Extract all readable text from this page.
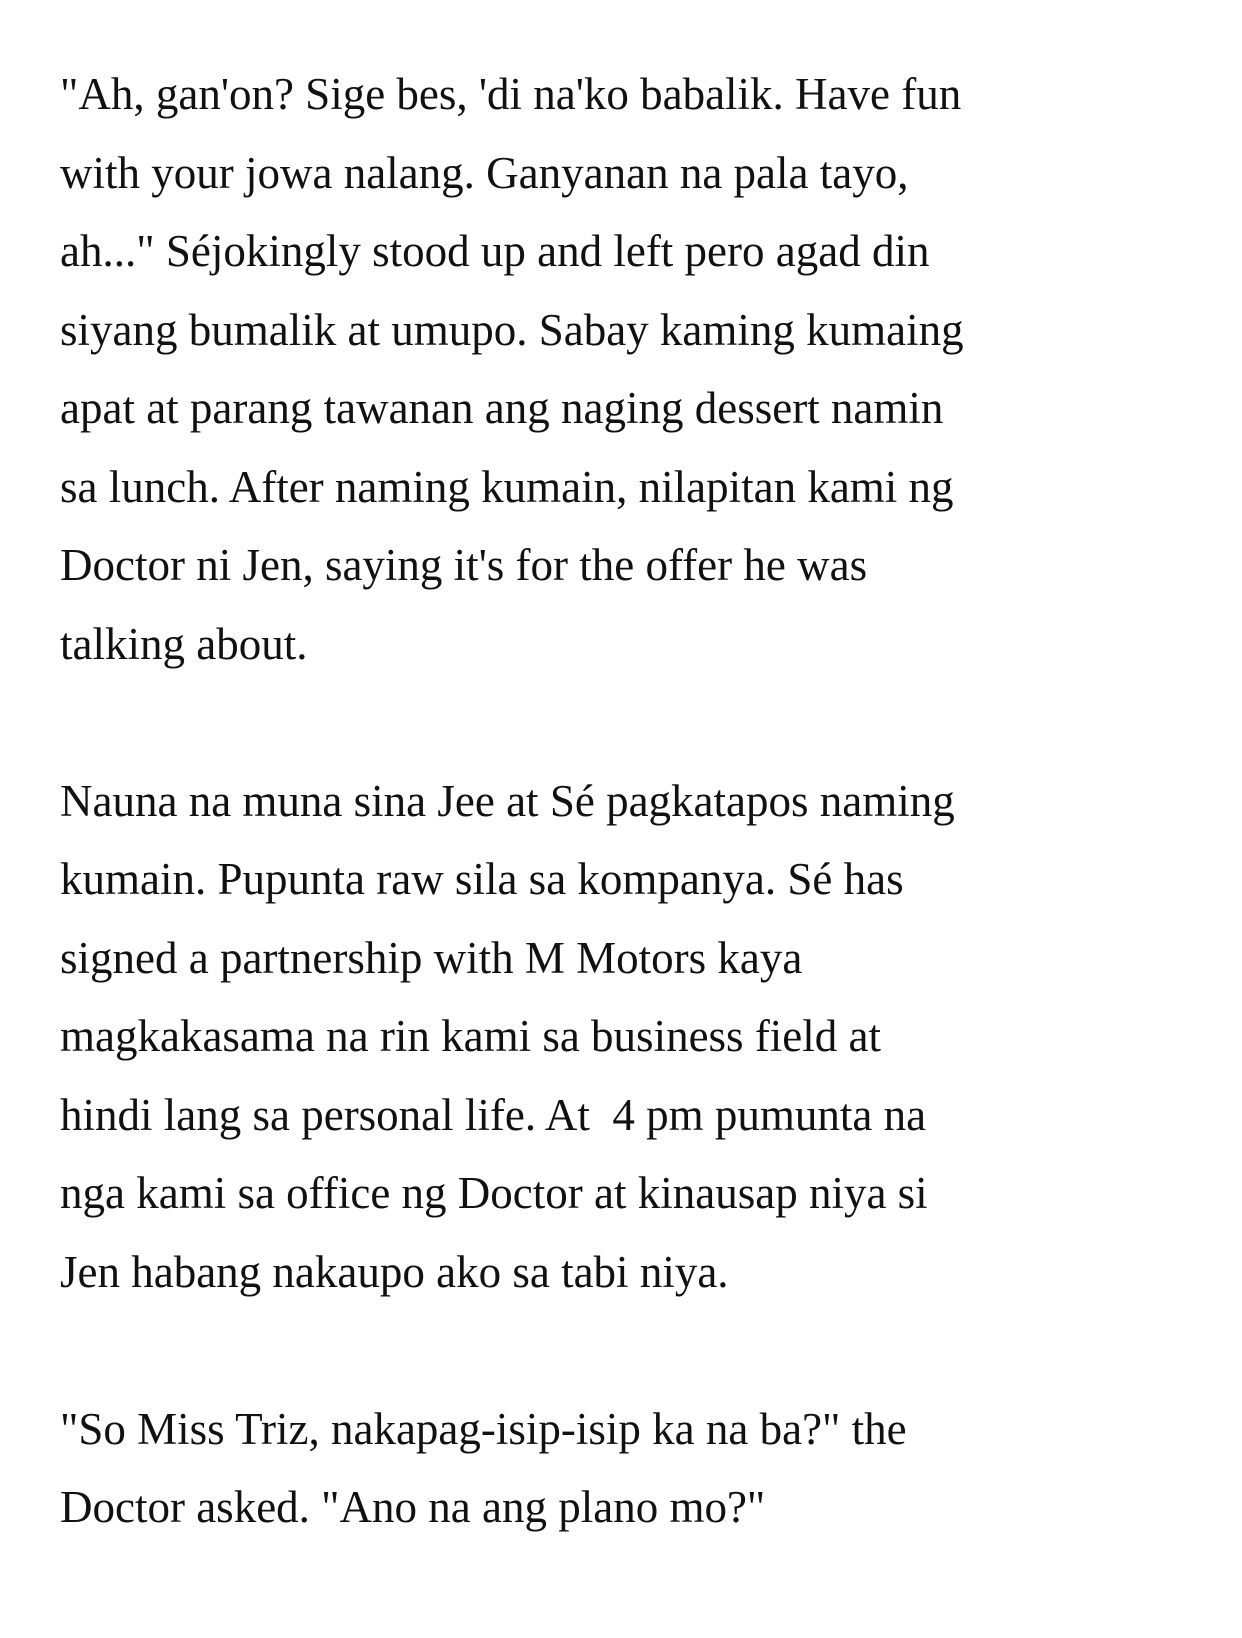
"Ah, gan'on? Sige bes, 'di na'ko babalik. Have fun
with your jowa nalang. Ganyanan na pala tayo,
ah..." Séjokingly stood up and left pero agad din
siyang bumalik at umupo. Sabay kaming kumaing
apat at parang tawanan ang naging dessert namin
sa lunch. After naming kumain, nilapitan kami ng
Doctor ni Jen, saying it's for the offer he was
talking about.

Nauna na muna sina Jee at Sé pagkatapos naming
kumain. Pupunta raw sila sa kompanya. Sé has
signed a partnership with M Motors kaya
magkakasama na rin kami sa business field at
hindi lang sa personal life. At  4 pm pumunta na
nga kami sa office ng Doctor at kinausap niya si
Jen habang nakaupo ako sa tabi niya.

"So Miss Triz, nakapag-isip-isip ka na ba?" the
Doctor asked. "Ano na ang plano mo?"
